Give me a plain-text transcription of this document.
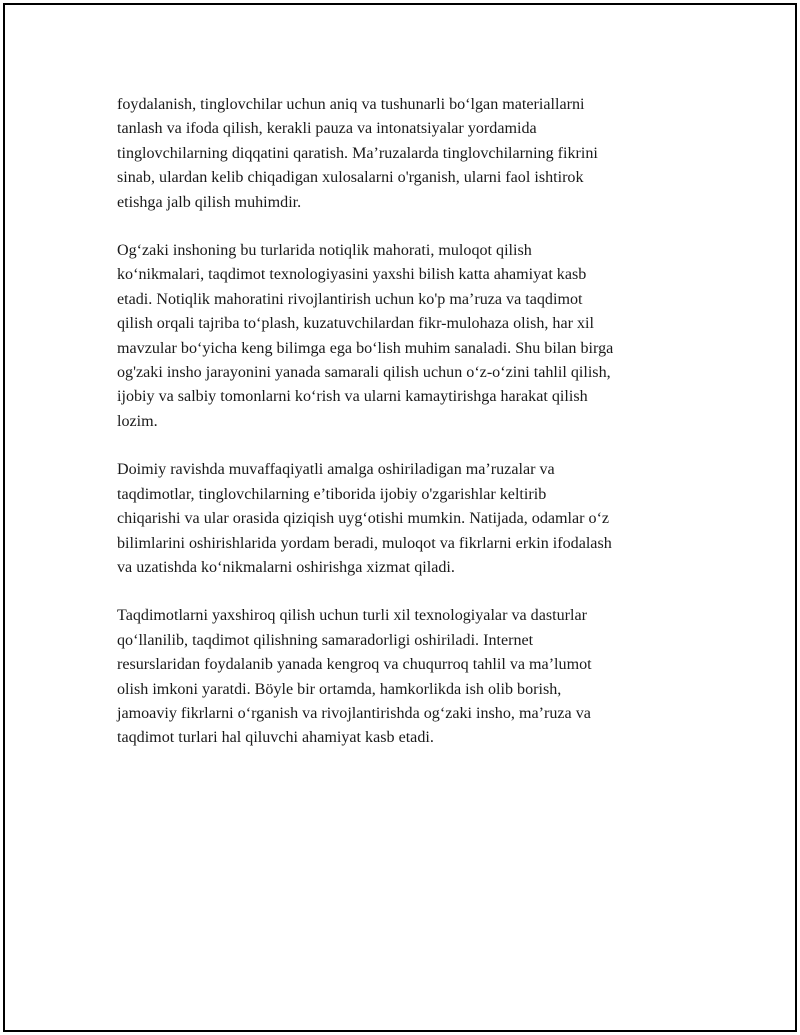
foydalanish, tinglovchilar uchun aniq va tushunarli bo‘lgan materiallarni
tanlash va ifoda qilish, kerakli pauza va intonatsiyalar yordamida
tinglovchilarning diqqatini qaratish. Ma’ruzalarda tinglovchilarning fikrini
sinab, ulardan kelib chiqadigan xulosalarni o'rganish, ularni faol ishtirok
etishga jalb qilish muhimdir.

Og‘zaki inshoning bu turlarida notiqlik mahorati, muloqot qilish
ko‘nikmalari, taqdimot texnologiyasini yaxshi bilish katta ahamiyat kasb
etadi. Notiqlik mahoratini rivojlantirish uchun ko'p ma’ruza va taqdimot
qilish orqali tajriba to‘plash, kuzatuvchilardan fikr-mulohaza olish, har xil
mavzular bo‘yicha keng bilimga ega bo‘lish muhim sanaladi. Shu bilan birga
og'zaki insho jarayonini yanada samarali qilish uchun o‘z-o‘zini tahlil qilish,
ijobiy va salbiy tomonlarni ko‘rish va ularni kamaytirishga harakat qilish
lozim.

Doimiy ravishda muvaffaqiyatli amalga oshiriladigan ma’ruzalar va
taqdimotlar, tinglovchilarning e’tiborida ijobiy o'zgarishlar keltirib
chiqarishi va ular orasida qiziqish uyg‘otishi mumkin. Natijada, odamlar o‘z
bilimlarini oshirishlarida yordam beradi, muloqot va fikrlarni erkin ifodalash
va uzatishda ko‘nikmalarni oshirishga xizmat qiladi.

Taqdimotlarni yaxshiroq qilish uchun turli xil texnologiyalar va dasturlar
qo‘llanilib, taqdimot qilishning samaradorligi oshiriladi. Internet
resurslaridan foydalanib yanada kengroq va chuqurroq tahlil va ma’lumot
olish imkoni yaratdi. Böyle bir ortamda, hamkorlikda ish olib borish,
jamoaviy fikrlarni o‘rganish va rivojlantirishda og‘zaki insho, ma’ruza va
taqdimot turlari hal qiluvchi ahamiyat kasb etadi.
